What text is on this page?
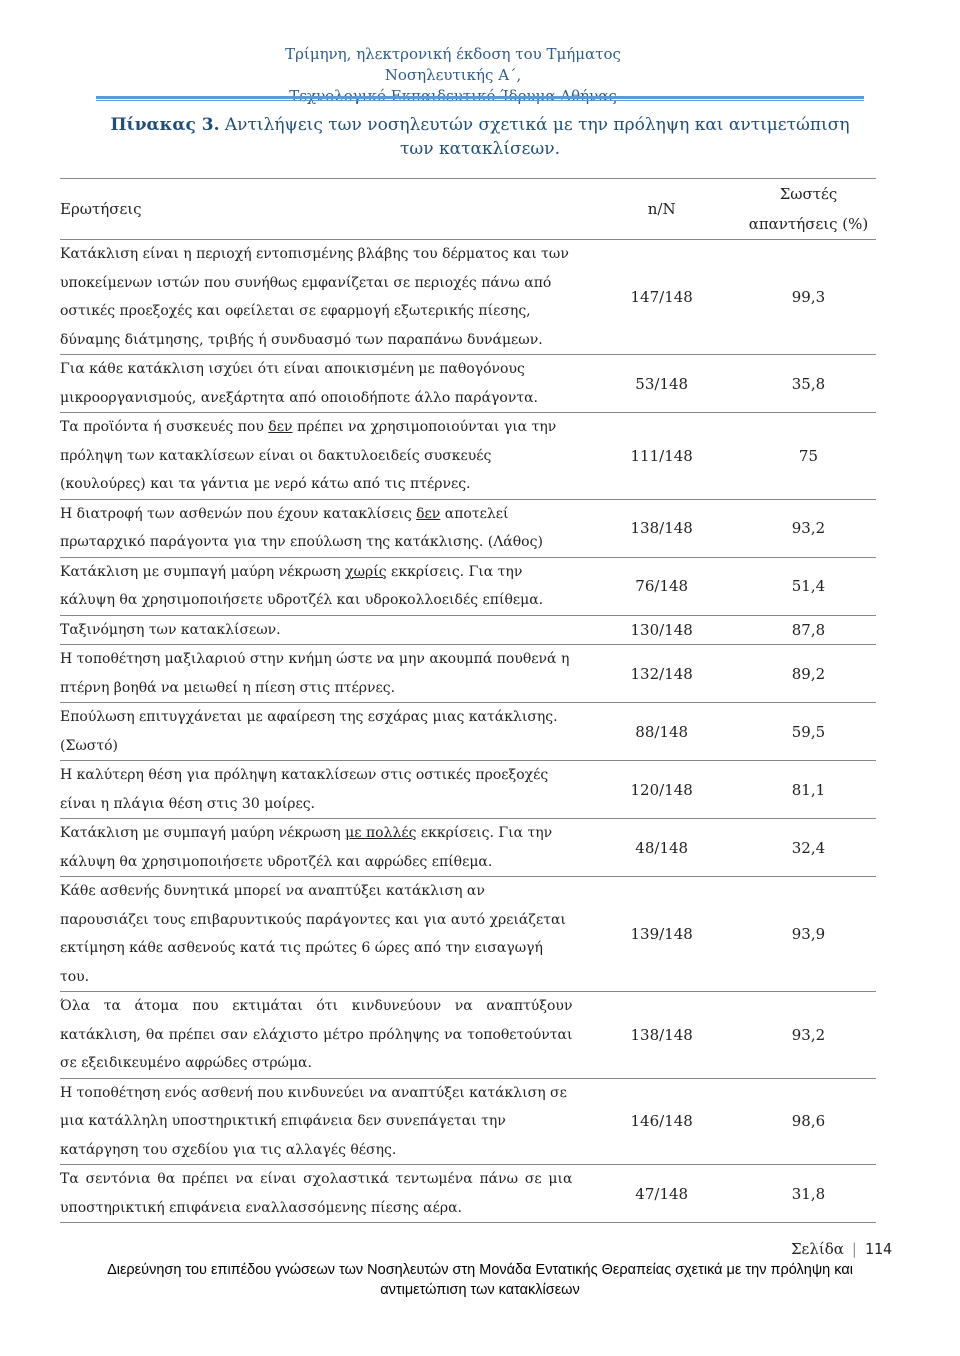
Τρίμηνη, ηλεκτρονική έκδοση του Τμήματος Νοσηλευτικής Α΄,
Τεχνολογικό Εκπαιδευτικό Ίδρυμα Αθήνας
Πίνακας 3. Αντιλήψεις των νοσηλευτών σχετικά με την πρόληψη και αντιμετώπιση των κατακλίσεων.
Ερωτήσεις	n/N	Σωστές
απαντήσεις (%)

Κατάκλιση είναι η περιοχή εντοπισμένης βλάβης του δέρματος και των υποκείμενων ιστών που συνήθως εμφανίζεται σε περιοχές πάνω από οστικές προεξοχές και οφείλεται σε εφαρμογή εξωτερικής πίεσης, δύναμης διάτμησης, τριβής ή συνδυασμό των παραπάνω δυνάμεων.	147/148	99,3
Για κάθε κατάκλιση ισχύει ότι είναι αποικισμένη με παθογόνους μικροοργανισμούς, ανεξάρτητα από οποιοδήποτε άλλο παράγοντα.	53/148	35,8
Τα προϊόντα ή συσκευές που δεν πρέπει να χρησιμοποιούνται για την πρόληψη των κατακλίσεων είναι οι δακτυλοειδείς συσκευές (κουλούρες) και τα γάντια με νερό κάτω από τις πτέρνες.	111/148	75
Η διατροφή των ασθενών που έχουν κατακλίσεις δεν αποτελεί πρωταρχικό παράγοντα για την επούλωση της κατάκλισης. (Λάθος)	138/148	93,2
Κατάκλιση με συμπαγή μαύρη νέκρωση χωρίς εκκρίσεις. Για την κάλυψη θα χρησιμοποιήσετε υδροτζέλ και υδροκολλοειδές επίθεμα.	76/148	51,4
Ταξινόμηση των κατακλίσεων.	130/148	87,8
Η τοποθέτηση μαξιλαριού στην κνήμη ώστε να μην ακουμπά πουθενά η πτέρνη βοηθά να μειωθεί η πίεση στις πτέρνες.	132/148	89,2
Επούλωση επιτυγχάνεται με αφαίρεση της εσχάρας μιας κατάκλισης. (Σωστό)	88/148	59,5
Η καλύτερη θέση για πρόληψη κατακλίσεων στις οστικές προεξοχές είναι η πλάγια θέση στις 30 μοίρες.	120/148	81,1
Κατάκλιση με συμπαγή μαύρη νέκρωση με πολλές εκκρίσεις. Για την κάλυψη θα χρησιμοποιήσετε υδροτζέλ και αφρώδες επίθεμα.	48/148	32,4
Κάθε ασθενής δυνητικά μπορεί να αναπτύξει κατάκλιση αν παρουσιάζει τους επιβαρυντικούς παράγοντες και για αυτό χρειάζεται εκτίμηση κάθε ασθενούς κατά τις πρώτες 6 ώρες από την εισαγωγή του.	139/148	93,9
Όλα τα άτομα που εκτιμάται ότι κινδυνεύουν να αναπτύξουν κατάκλιση, θα πρέπει σαν ελάχιστο μέτρο πρόληψης να τοποθετούνται σε εξειδικευμένο αφρώδες στρώμα.	138/148	93,2
Η τοποθέτηση ενός ασθενή που κινδυνεύει να αναπτύξει κατάκλιση σε μια κατάλληλη υποστηρικτική επιφάνεια δεν συνεπάγεται την κατάργηση του σχεδίου για τις αλλαγές θέσης.	146/148	98,6
Τα σεντόνια θα πρέπει να είναι σχολαστικά τεντωμένα πάνω σε μια υποστηρικτική επιφάνεια εναλλασσόμενης πίεσης αέρα.	47/148	31,8
Σελίδα | 114
Διερεύνηση του επιπέδου γνώσεων των Νοσηλευτών στη Μονάδα Εντατικής Θεραπείας σχετικά με την πρόληψη και
αντιμετώπιση των κατακλίσεων
